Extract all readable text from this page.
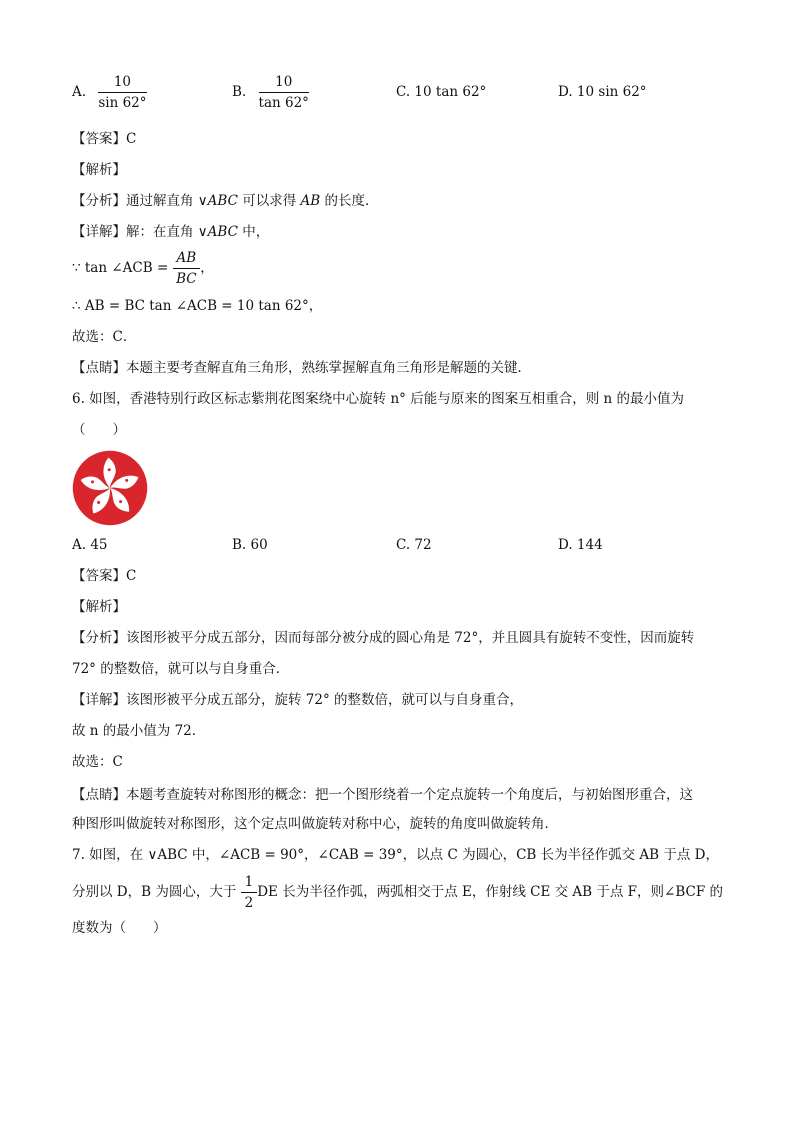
A. $\frac{10}{\sin 62^\circ}$	B. $\frac{10}{\tan 62^\circ}$	C. 10 tan 62°	D. 10 sin 62°
【答案】C
【解析】
【分析】通过解直角 ∨ABC 可以求得 AB 的长度．
【详解】解：在直角 ∨ABC 中，
∵ tan ∠ACB = $\frac{AB}{BC}$ ，
∴ AB = BC tan ∠ACB = 10 tan 62°，
故选：C．
【点睛】本题主要考查解直角三角形，熟练掌握解直角三角形是解题的关键．
6. 如图，香港特别行政区标志紫荆花图案绕中心旋转 n° 后能与原来的图案互相重合，则 n 的最小值为
（　　）
A. 45	B. 60	C. 72	D. 144
【答案】C
【解析】
【分析】该图形被平分成五部分，因而每部分被分成的圆心角是 72°，并且圆具有旋转不变性，因而旋转
72° 的整数倍，就可以与自身重合．
【详解】该图形被平分成五部分，旋转 72° 的整数倍，就可以与自身重合，
故 n 的最小值为 72．
故选：C
【点睛】本题考查旋转对称图形的概念：把一个图形绕着一个定点旋转一个角度后，与初始图形重合，这
种图形叫做旋转对称图形，这个定点叫做旋转对称中心，旋转的角度叫做旋转角．
7. 如图，在 ∨ABC 中，∠ACB = 90°，∠CAB = 39°，以点 C 为圆心，CB 长为半径作弧交 AB 于点 D，
分别以 D，B 为圆心，大于 $\frac{1}{2}$ DE 长为半径作弧，两弧相交于点 E，作射线 CE 交 AB 于点 F，则∠BCF 的
度数为（　　）
